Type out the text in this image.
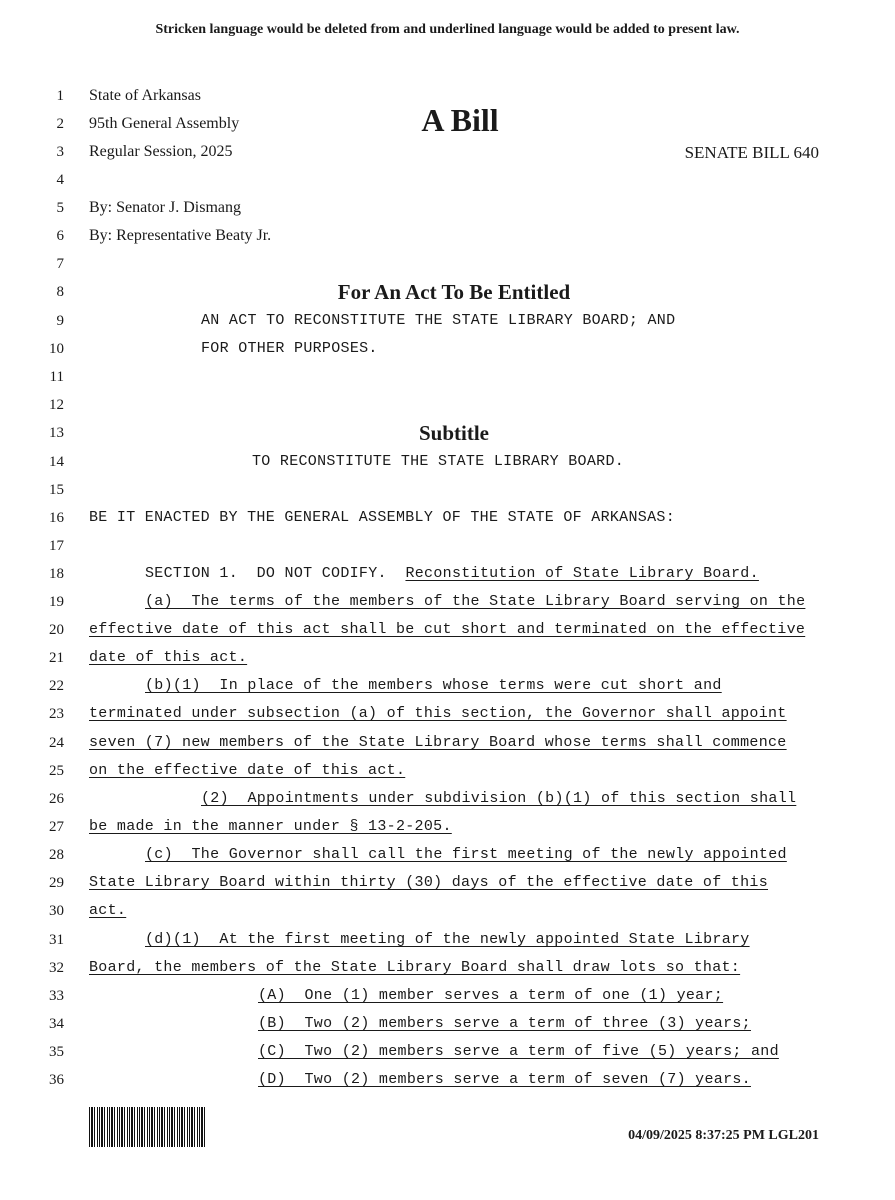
Stricken language would be deleted from and underlined language would be added to present law.
1
2
3
4
5
6
7
8
9
10
11
12
13
14
15
16
17
18
19
20
21
22
23
24
25
26
27
28
29
30
31
32
33
34
35
36
State of Arkansas
95th General Assembly
Regular Session, 2025
A Bill
SENATE BILL 640
By: Senator J. Dismang
By: Representative Beaty Jr.
For An Act To Be Entitled
AN ACT TO RECONSTITUTE THE STATE LIBRARY BOARD; AND
FOR OTHER PURPOSES.
Subtitle
TO RECONSTITUTE THE STATE LIBRARY BOARD.
BE IT ENACTED BY THE GENERAL ASSEMBLY OF THE STATE OF ARKANSAS:
SECTION 1.  DO NOT CODIFY.  Reconstitution of State Library Board.
(a)  The terms of the members of the State Library Board serving on the
effective date of this act shall be cut short and terminated on the effective
date of this act.
(b)(1)  In place of the members whose terms were cut short and
terminated under subsection (a) of this section, the Governor shall appoint
seven (7) new members of the State Library Board whose terms shall commence
on the effective date of this act.
(2)  Appointments under subdivision (b)(1) of this section shall
be made in the manner under § 13-2-205.
(c)  The Governor shall call the first meeting of the newly appointed
State Library Board within thirty (30) days of the effective date of this
act.
(d)(1)  At the first meeting of the newly appointed State Library
Board, the members of the State Library Board shall draw lots so that:
(A)  One (1) member serves a term of one (1) year;
(B)  Two (2) members serve a term of three (3) years;
(C)  Two (2) members serve a term of five (5) years; and
(D)  Two (2) members serve a term of seven (7) years.
04/09/2025 8:37:25 PM LGL201
